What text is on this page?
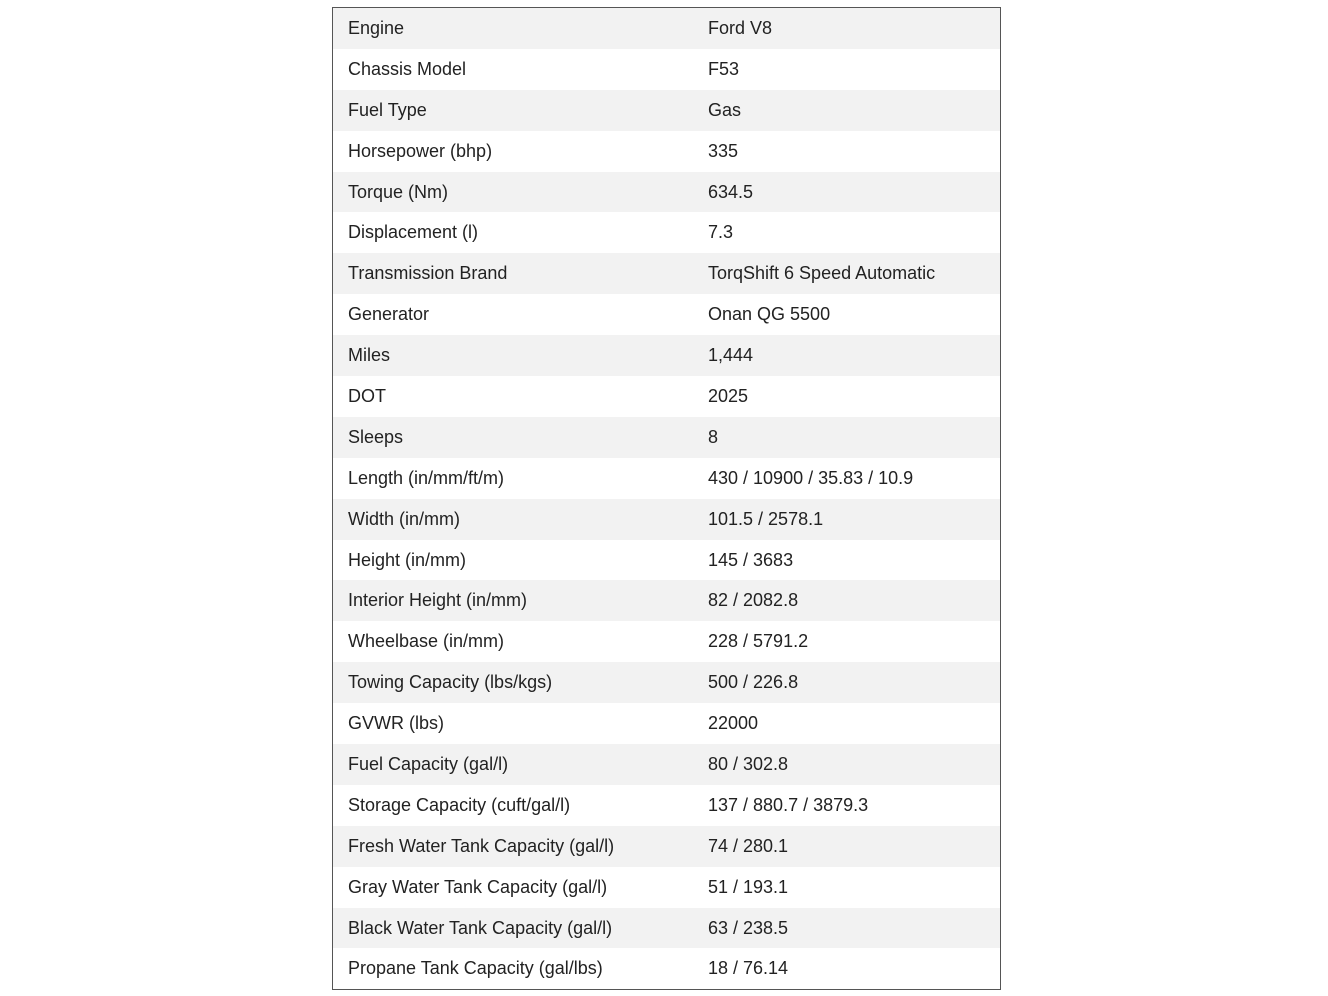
Engine	Ford V8
Chassis Model	F53
Fuel Type	Gas
Horsepower (bhp)	335
Torque (Nm)	634.5
Displacement (l)	7.3
Transmission Brand	TorqShift 6 Speed Automatic
Generator	Onan QG 5500
Miles	1,444
DOT	2025
Sleeps	8
Length (in/mm/ft/m)	430 / 10900 / 35.83 / 10.9
Width (in/mm)	101.5 / 2578.1
Height (in/mm)	145 / 3683
Interior Height (in/mm)	82 / 2082.8
Wheelbase (in/mm)	228 / 5791.2
Towing Capacity (lbs/kgs)	500 / 226.8
GVWR (lbs)	22000
Fuel Capacity (gal/l)	80 / 302.8
Storage Capacity (cuft/gal/l)	137 / 880.7 / 3879.3
Fresh Water Tank Capacity (gal/l)	74 / 280.1
Gray Water Tank Capacity (gal/l)	51 / 193.1
Black Water Tank Capacity (gal/l)	63 / 238.5
Propane Tank Capacity (gal/lbs)	18 / 76.14
